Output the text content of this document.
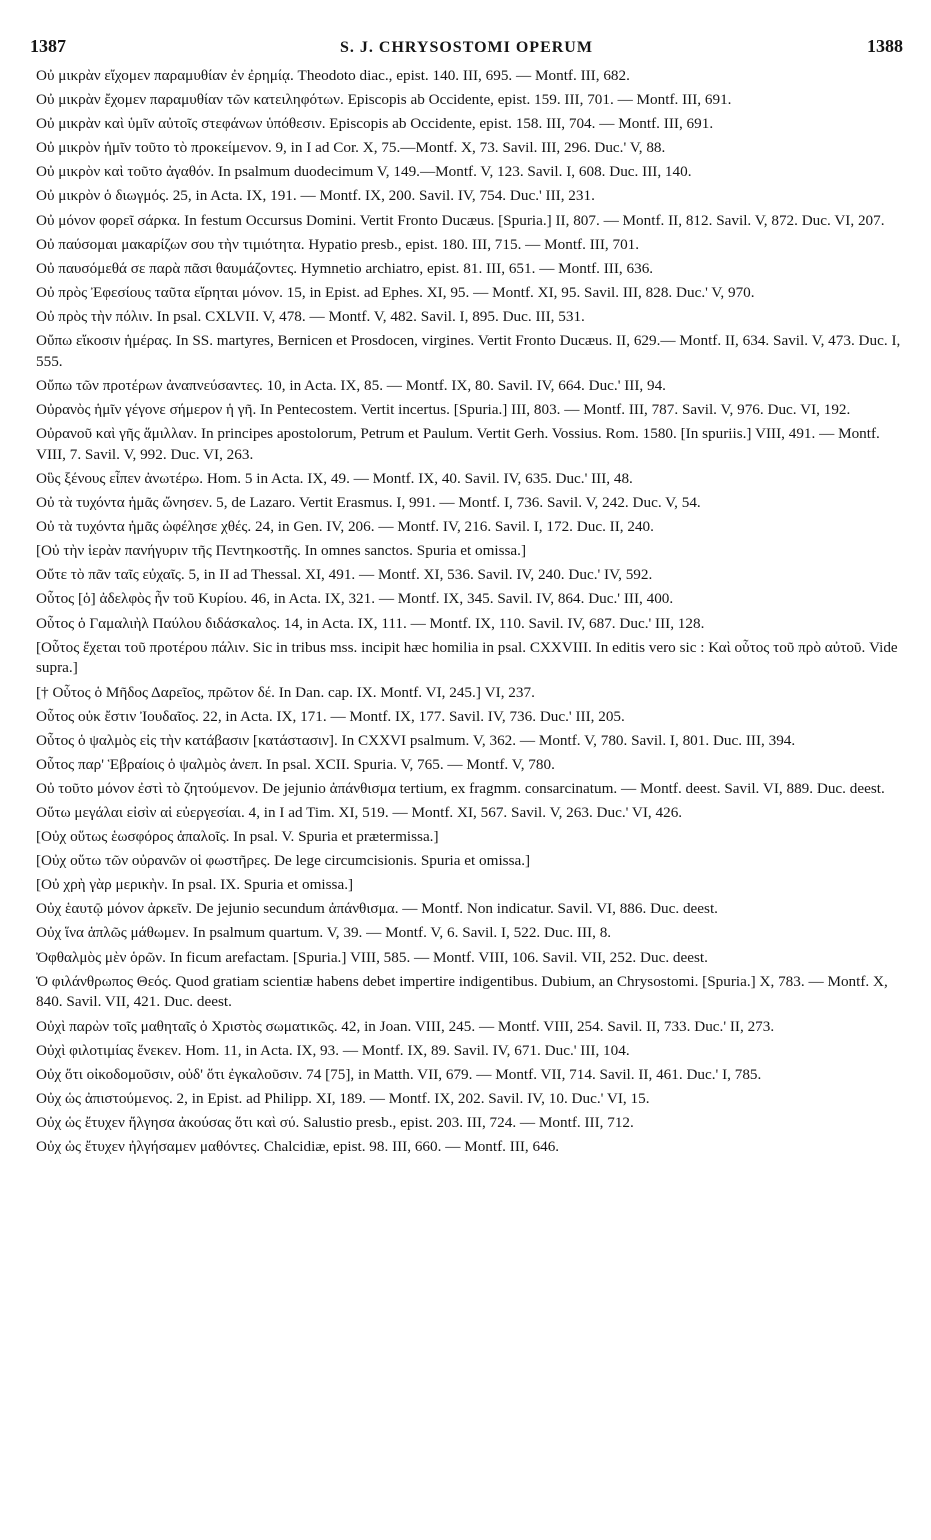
1387	S. J. CHRYSOSTOMI OPERUM	1388
Οὐ μικρὰν εἴχομεν παραμυθίαν ἐν ἐρημίᾳ. Theodoto diac., epist. 140. III, 695. — Montf. III, 682.
Οὐ μικρὰν ἔχομεν παραμυθίαν τῶν κατειληφότων. Episcopis ab Occidente, epist. 159. III, 701. — Montf. III, 691.
Οὐ μικρὰν καὶ ὑμῖν αὐτοῖς στεφάνων ὑπόθεσιν. Episcopis ab Occidente, epist. 158. III, 704. — Montf. III, 691.
Οὐ μικρὸν ἡμῖν τοῦτο τὸ προκείμενον. 9, in I ad Cor. X, 75.—Montf. X, 73. Savil. III, 296. Duc.' V, 88.
Οὐ μικρὸν καὶ τοῦτο ἀγαθόν. In psalmum duodecimum V, 149.—Montf. V, 123. Savil. I, 608. Duc. III, 140.
Οὐ μικρὸν ὁ διωγμός. 25, in Acta. IX, 191. — Montf. IX, 200. Savil. IV, 754. Duc.' III, 231.
Οὐ μόνον φορεῖ σάρκα. In festum Occursus Domini. Vertit Fronto Ducæus. [Spuria.] II, 807. — Montf. II, 812. Savil. V, 872. Duc. VI, 207.
Οὐ παύσομαι μακαρίζων σου τὴν τιμιότητα. Hypatio presb., epist. 180. III, 715. — Montf. III, 701.
Οὐ παυσόμεθά σε παρὰ πᾶσι θαυμάζοντες. Hymnetio archiatro, epist. 81. III, 651. — Montf. III, 636.
Οὐ πρὸς Ἐφεσίους ταῦτα εἴρηται μόνον. 15, in Epist. ad Ephes. XI, 95. — Montf. XI, 95. Savil. III, 828. Duc.' V, 970.
Οὐ πρὸς τὴν πόλιν. In psal. CXLVII. V, 478. — Montf. V, 482. Savil. I, 895. Duc. III, 531.
Οὔπω εἴκοσιν ἡμέρας. In SS. martyres, Bernicen et Prosdocen, virgines. Vertit Fronto Ducæus. II, 629.— Montf. II, 634. Savil. V, 473. Duc. I, 555.
Οὔπω τῶν προτέρων ἀναπνεύσαντες. 10, in Acta. IX, 85. — Montf. IX, 80. Savil. IV, 664. Duc.' III, 94.
Οὐρανὸς ἡμῖν γέγονε σήμερον ἡ γῆ. In Pentecostem. Vertit incertus. [Spuria.] III, 803. — Montf. III, 787. Savil. V, 976. Duc. VI, 192.
Οὐρανοῦ καὶ γῆς ἅμιλλαν. In principes apostolorum, Petrum et Paulum. Vertit Gerh. Vossius. Rom. 1580. [In spuriis.] VIII, 491. — Montf. VIII, 7. Savil. V, 992. Duc. VI, 263.
Οὓς ξένους εἶπεν ἀνωτέρω. Hom. 5 in Acta. IX, 49. — Montf. IX, 40. Savil. IV, 635. Duc.' III, 48.
Οὐ τὰ τυχόντα ἡμᾶς ὤνησεν. 5, de Lazaro. Vertit Erasmus. I, 991. — Montf. I, 736. Savil. V, 242. Duc. V, 54.
Οὐ τὰ τυχόντα ἡμᾶς ὠφέλησε χθές. 24, in Gen. IV, 206. — Montf. IV, 216. Savil. I, 172. Duc. II, 240.
[Οὐ τὴν ἱερὰν πανήγυριν τῆς Πεντηκοστῆς. In omnes sanctos. Spuria et omissa.]
Οὔτε τὸ πᾶν ταῖς εὐχαῖς. 5, in II ad Thessal. XI, 491. — Montf. XI, 536. Savil. IV, 240. Duc.' IV, 592.
Οὗτος [ὁ] ἀδελφὸς ἦν τοῦ Κυρίου. 46, in Acta. IX, 321. — Montf. IX, 345. Savil. IV, 864. Duc.' III, 400.
Οὗτος ὁ Γαμαλιὴλ Παύλου διδάσκαλος. 14, in Acta. IX, 111. — Montf. IX, 110. Savil. IV, 687. Duc.' III, 128.
[Οὗτος ἔχεται τοῦ προτέρου πάλιν. Sic in tribus mss. incipit hæc homilia in psal. CXXVIII. In editis vero sic : Καὶ οὗτος τοῦ πρὸ αὐτοῦ. Vide supra.]
[† Οὗτος ὁ Μῆδος Δαρεῖος, πρῶτον δέ. In Dan. cap. IX. Montf. VI, 245.] VI, 237.
Οὗτος οὐκ ἔστιν Ἰουδαῖος. 22, in Acta. IX, 171. — Montf. IX, 177. Savil. IV, 736. Duc.' III, 205.
Οὗτος ὁ ψαλμὸς εἰς τὴν κατάβασιν [κατάστασιν]. In CXXVI psalmum. V, 362. — Montf. V, 780. Savil. I, 801. Duc. III, 394.
Οὗτος παρ' Ἑβραίοις ὁ ψαλμὸς ἀνεπ. In psal. XCII. Spuria. V, 765. — Montf. V, 780.
Οὐ τοῦτο μόνον ἐστὶ τὸ ζητούμενον. De jejunio ἀπάνθισμα tertium, ex fragmm. consarcinatum. — Montf. deest. Savil. VI, 889. Duc. deest.
Οὕτω μεγάλαι εἰσὶν αἱ εὐεργεσίαι. 4, in I ad Tim. XI, 519. — Montf. XI, 567. Savil. V, 263. Duc.' VI, 426.
[Οὐχ οὕτως ἑωσφόρος ἁπαλοῖς. In psal. V. Spuria et prætermissa.]
[Οὐχ οὕτω τῶν οὐρανῶν οἱ φωστῆρες. De lege circumcisionis. Spuria et omissa.]
[Οὐ χρὴ γὰρ μερικὴν. In psal. IX. Spuria et omissa.]
Οὐχ ἑαυτῷ μόνον ἀρκεῖν. De jejunio secundum ἀπάνθισμα. — Montf. Non indicatur. Savil. VI, 886. Duc. deest.
Οὐχ ἵνα ἁπλῶς μάθωμεν. In psalmum quartum. V, 39. — Montf. V, 6. Savil. I, 522. Duc. III, 8.
Ὀφθαλμὸς μὲν ὁρῶν. In ficum arefactam. [Spuria.] VIII, 585. — Montf. VIII, 106. Savil. VII, 252. Duc. deest.
Ὁ φιλάνθρωπος Θεός. Quod gratiam scientiæ habens debet impertire indigentibus. Dubium, an Chrysostomi. [Spuria.] X, 783. — Montf. X, 840. Savil. VII, 421. Duc. deest.
Οὐχὶ παρὼν τοῖς μαθηταῖς ὁ Χριστὸς σωματικῶς. 42, in Joan. VIII, 245. — Montf. VIII, 254. Savil. II, 733. Duc.' II, 273.
Οὐχὶ φιλοτιμίας ἕνεκεν. Hom. 11, in Acta. IX, 93. — Montf. IX, 89. Savil. IV, 671. Duc.' III, 104.
Οὐχ ὅτι οἰκοδομοῦσιν, οὐδ' ὅτι ἐγκαλοῦσιν. 74 [75], in Matth. VII, 679. — Montf. VII, 714. Savil. II, 461. Duc.' I, 785.
Οὐχ ὡς ἀπιστούμενος. 2, in Epist. ad Philipp. XI, 189. — Montf. IX, 202. Savil. IV, 10. Duc.' VI, 15.
Οὐχ ὡς ἔτυχεν ἤλγησα ἀκούσας ὅτι καὶ σύ. Salustio presb., epist. 203. III, 724. — Montf. III, 712.
Οὐχ ὡς ἔτυχεν ἠλγήσαμεν μαθόντες. Chalcidiæ, epist. 98. III, 660. — Montf. III, 646.
